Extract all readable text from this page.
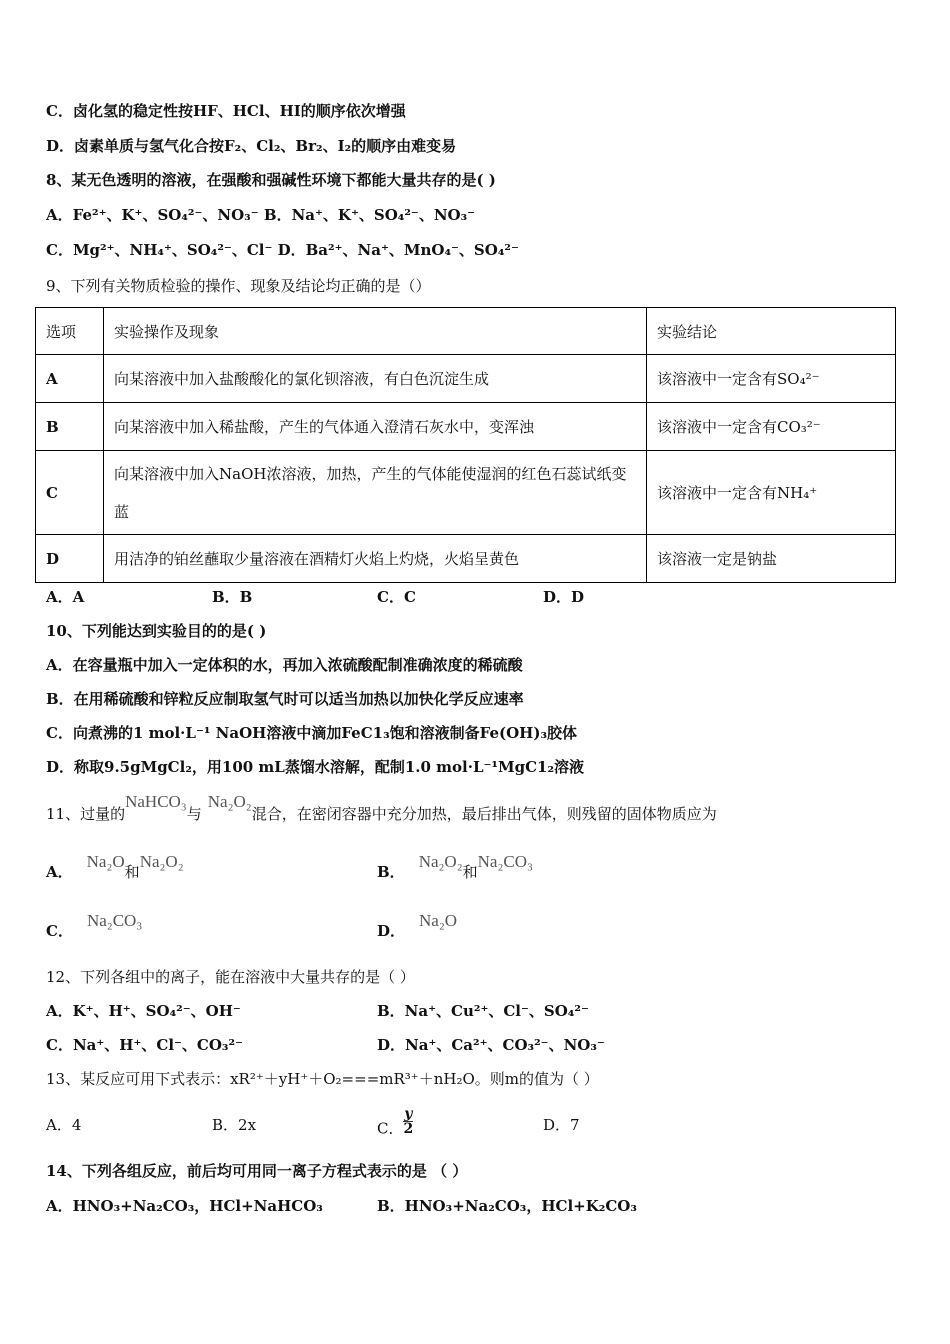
C．卤化氢的稳定性按HF、HCl、HI的顺序依次增强
D．卤素单质与氢气化合按F₂、Cl₂、Br₂、I₂的顺序由难变易
8、某无色透明的溶液，在强酸和强碱性环境下都能大量共存的是( )
A．Fe²⁺、K⁺、SO₄²⁻、NO₃⁻ B．Na⁺、K⁺、SO₄²⁻、NO₃⁻
C．Mg²⁺、NH₄⁺、SO₄²⁻、Cl⁻ D．Ba²⁺、Na⁺、MnO₄⁻、SO₄²⁻
9、下列有关物质检验的操作、现象及结论均正确的是（）
选项	实验操作及现象	实验结论
A	向某溶液中加入盐酸酸化的氯化钡溶液，有白色沉淀生成	该溶液中一定含有SO₄²⁻
B	向某溶液中加入稀盐酸，产生的气体通入澄清石灰水中，变浑浊	该溶液中一定含有CO₃²⁻
C	向某溶液中加入NaOH浓溶液，加热，产生的气体能使湿润的红色石蕊试纸变蓝	该溶液中一定含有NH₄⁺
D	用洁净的铂丝蘸取少量溶液在酒精灯火焰上灼烧，火焰呈黄色	该溶液一定是钠盐
A．A	B．B	C．C	D．D
10、下列能达到实验目的的是( )
A．在容量瓶中加入一定体积的水，再加入浓硫酸配制准确浓度的稀硫酸
B．在用稀硫酸和锌粒反应制取氢气时可以适当加热以加快化学反应速率
C．向煮沸的1 mol·L⁻¹ NaOH溶液中滴加FeC1₃饱和溶液制备Fe(OH)₃胶体
D．称取9.5gMgCl₂，用100 mL蒸馏水溶解，配制1.0 mol·L⁻¹MgC1₂溶液
11、过量的NaHCO₃与Na₂O₂混合，在密闭容器中充分加热，最后排出气体，则残留的固体物质应为
A．Na₂O和Na₂O₂
B．Na₂O₂和Na₂CO₃
C．Na₂CO₃
D．Na₂O
12、下列各组中的离子，能在溶液中大量共存的是（ ）
A．K⁺、H⁺、SO₄²⁻、OH⁻	B．Na⁺、Cu²⁺、Cl⁻、SO₄²⁻
C．Na⁺、H⁺、Cl⁻、CO₃²⁻	D．Na⁺、Ca²⁺、CO₃²⁻、NO₃⁻
13、某反应可用下式表示：xR²⁺＋yH⁺＋O₂===mR³⁺＋nH₂O。则m的值为（ ）
A．4	B．2x	C． $\frac{y}{2}$	D．7
14、下列各组反应，前后均可用同一离子方程式表示的是 （ ）
A．HNO₃+Na₂CO₃，HCl+NaHCO₃	B．HNO₃+Na₂CO₃，HCl+K₂CO₃
